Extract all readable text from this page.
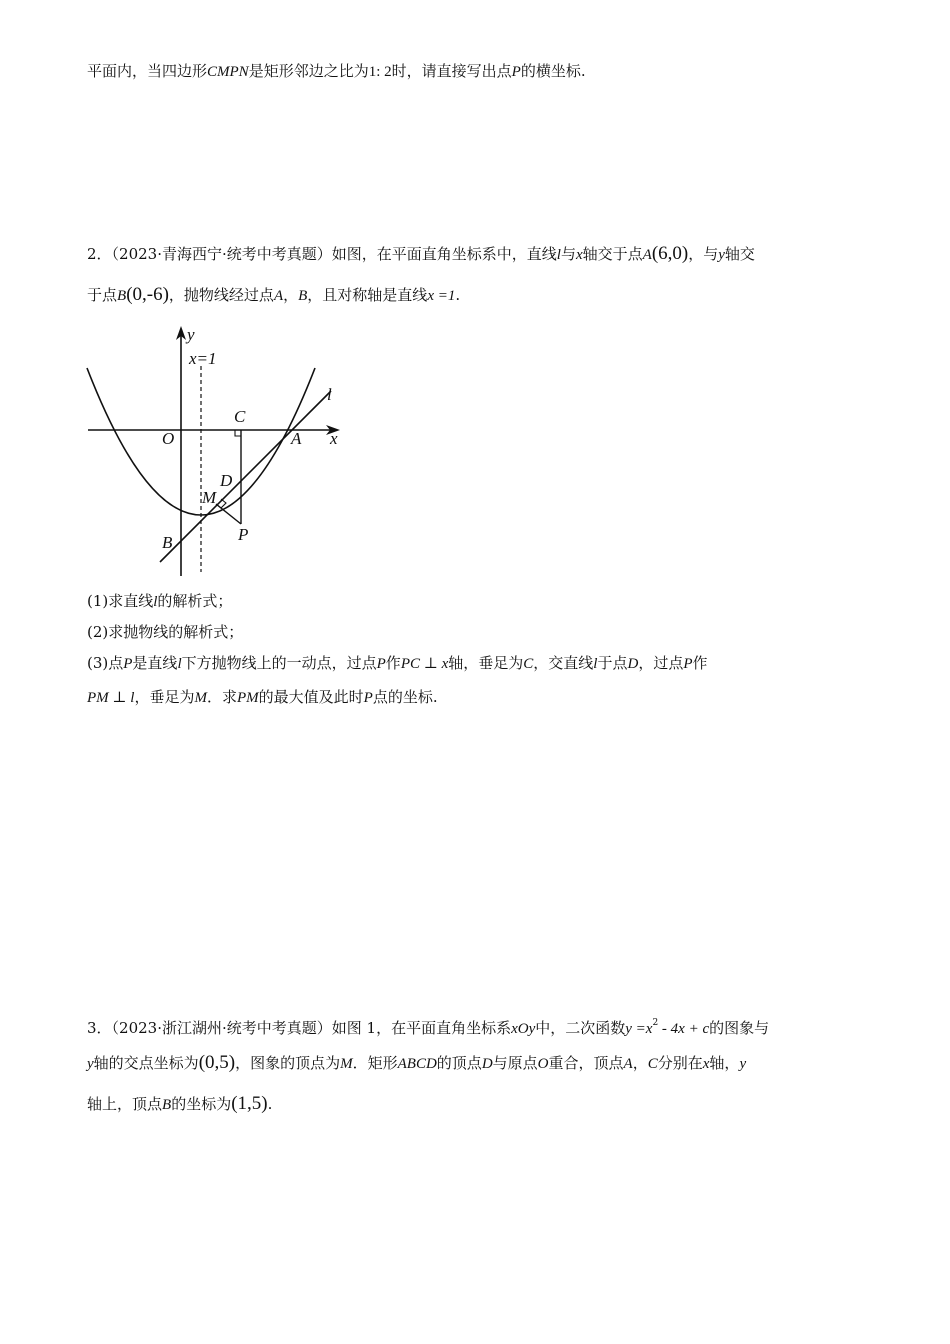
平面内，当四边形CMPN是矩形邻边之比为1: 2时，请直接写出点P的横坐标.
2．（2023·青海西宁·统考中考真题）如图，在平面直角坐标系中，直线l与x轴交于点A(6,0)，与y轴交
于点B(0,-6)，抛物线经过点A，B，且对称轴是直线x =1.
y
x=1
l
C
O	A x
D
M
P
B
(1)求直线l的解析式；
(2)求抛物线的解析式；
(3)点P是直线l下方抛物线上的一动点，过点P作PC ⊥ x轴，垂足为C，交直线l于点D，过点P作
PM ⊥ l，垂足为M．求PM的最大值及此时P点的坐标.
3．（2023·浙江湖州·统考中考真题）如图 1，在平面直角坐标系xOy中，二次函数$y =x^2 - 4x + c$的图象与
y轴的交点坐标为(0,5)，图象的顶点为M．矩形ABCD的顶点D与原点O重合，顶点A，C分别在x轴，y
轴上，顶点B的坐标为(1,5).
